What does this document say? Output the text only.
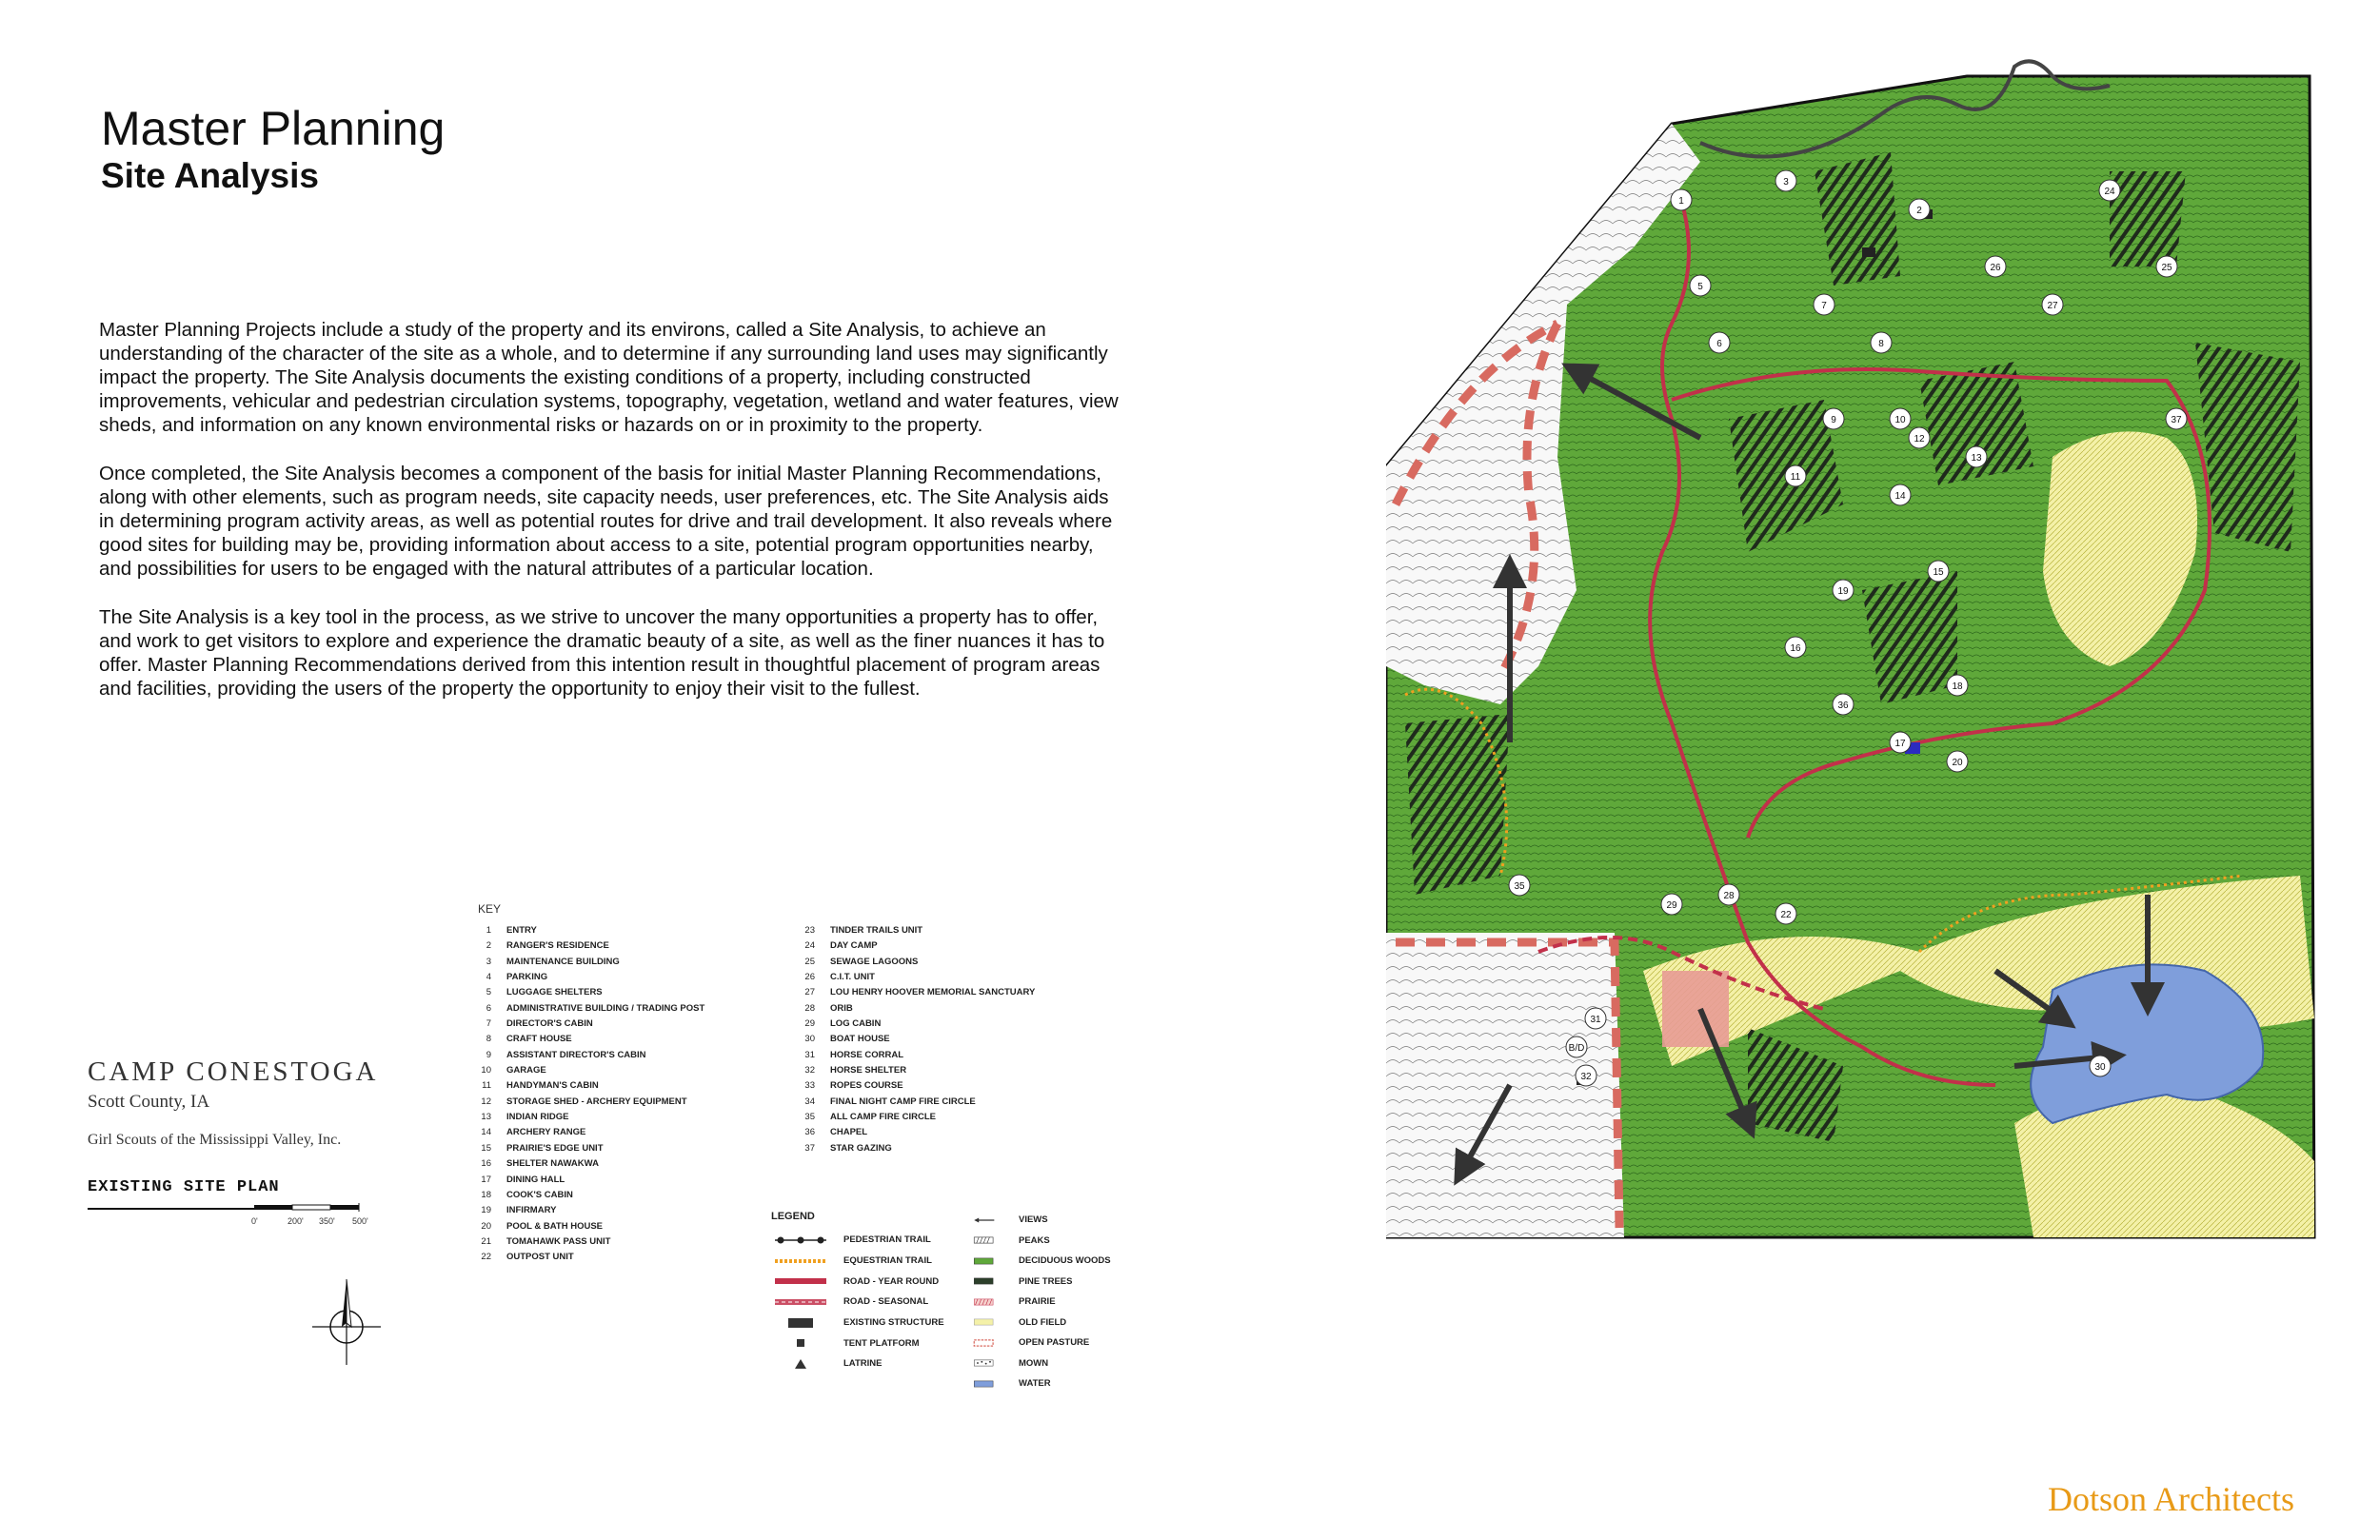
Master Planning
Site Analysis

Master Planning Projects include a study of the property and its environs, called a Site Analysis, to achieve an understanding of the character of the site as a whole, and to determine if any surrounding land uses may significantly impact the property. The Site Analysis documents the existing conditions of a property, including constructed improvements, vehicular and pedestrian circulation systems, topography, vegetation, wetland and water features, view sheds, and information on any known environmental risks or hazards on or in proximity to the property.

Once completed, the Site Analysis becomes a component of the basis for initial Master Planning Recommendations, along with other elements, such as program needs, site capacity needs, user preferences, etc. The Site Analysis aids in determining program activity areas, as well as potential routes for drive and trail development. It also reveals where good sites for building may be, providing information about access to a site, potential program opportunities nearby, and possibilities for users to be engaged with the natural attributes of a particular location.

The Site Analysis is a key tool in the process, as we strive to uncover the many opportunities a property has to offer, and work to get visitors to explore and experience the dramatic beauty of a site, as well as the finer nuances it has to offer. Master Planning Recommendations derived from this intention result in thoughtful placement of program areas and facilities, providing the users of the property the opportunity to enjoy their visit to the fullest.

CAMP CONESTOGA
Scott County, IA
Girl Scouts of the Mississippi Valley, Inc.
EXISTING SITE PLAN
0'	200' 350' 500'
KEY
1	ENTRY
2	RANGER'S RESIDENCE
3	MAINTENANCE BUILDING
4	PARKING
5	LUGGAGE SHELTERS
6	ADMINISTRATIVE BUILDING / TRADING POST
7	DIRECTOR'S CABIN
8	CRAFT HOUSE
9	ASSISTANT DIRECTOR'S CABIN
10	GARAGE
11	HANDYMAN'S CABIN
12	STORAGE SHED - ARCHERY EQUIPMENT
13	INDIAN RIDGE
14	ARCHERY RANGE
15	PRAIRIE'S EDGE UNIT
16	SHELTER NAWAKWA
17	DINING HALL
18	COOK'S CABIN
19	INFIRMARY
20	POOL & BATH HOUSE
21	TOMAHAWK PASS UNIT
22	OUTPOST UNIT
23	TINDER TRAILS UNIT
24	DAY CAMP
25	SEWAGE LAGOONS
26	C.I.T. UNIT
27	LOU HENRY HOOVER MEMORIAL SANCTUARY
28	ORIB
29	LOG CABIN
30	BOAT HOUSE
31	HORSE CORRAL
32	HORSE SHELTER
33	ROPES COURSE
34	FINAL NIGHT CAMP FIRE CIRCLE
35	ALL CAMP FIRE CIRCLE
36	CHAPEL
37	STAR GAZING
LEGEND
PEDESTRIAN TRAIL
EQUESTRIAN TRAIL
ROAD - YEAR ROUND
ROAD - SEASONAL
EXISTING STRUCTURE
TENT PLATFORM
LATRINE
VIEWS
PEAKS
DECIDUOUS WOODS
PINE TREES
PRAIRIE
OLD FIELD
OPEN PASTURE
MOWN
WATER
1
2
3
5
6
7
8
9	10
11
12
13
14
15
16
17
18
19
20
22
24
25
26
27
28
29
30
31
32
35
36
37
B/D
Dotson Architects
